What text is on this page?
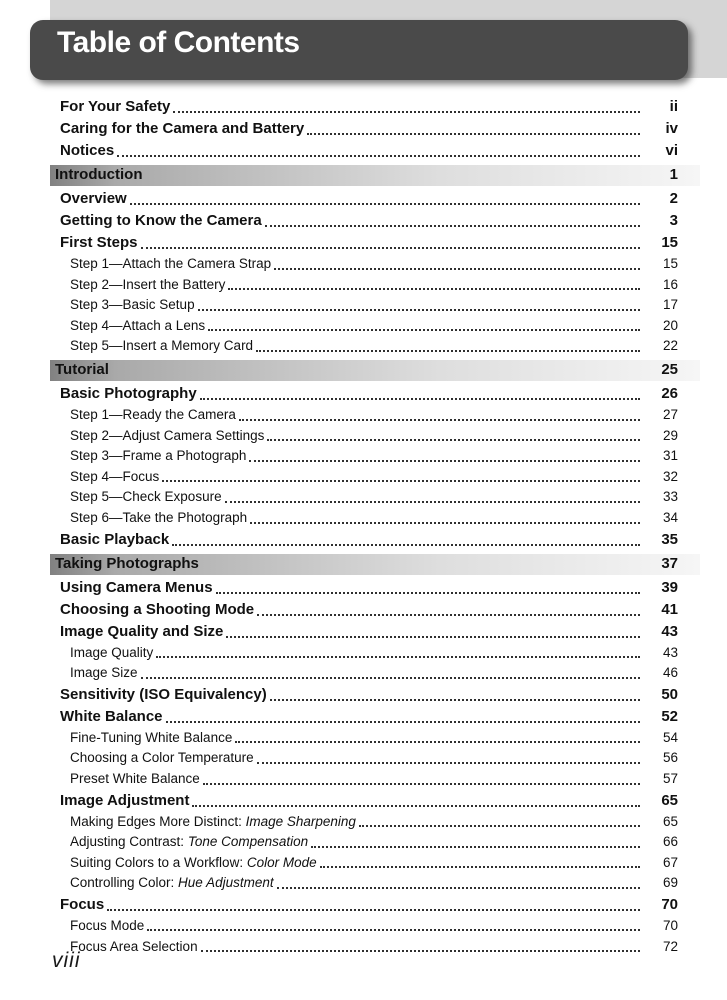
Table of Contents
For Your Safety	ii
Caring for the Camera and Battery	iv
Notices	vi
Introduction	1
Overview	2
Getting to Know the Camera	3
First Steps	15
Step 1—Attach the Camera Strap	15
Step 2—Insert the Battery	16
Step 3—Basic Setup	17
Step 4—Attach a Lens	20
Step 5—Insert a Memory Card	22
Tutorial	25
Basic Photography	26
Step 1—Ready the Camera	27
Step 2—Adjust Camera Settings	29
Step 3—Frame a Photograph	31
Step 4—Focus	32
Step 5—Check Exposure	33
Step 6—Take the Photograph	34
Basic Playback	35
Taking Photographs	37
Using Camera Menus	39
Choosing a Shooting Mode	41
Image Quality and Size	43
Image Quality	43
Image Size	46
Sensitivity (ISO Equivalency)	50
White Balance	52
Fine-Tuning White Balance	54
Choosing a Color Temperature	56
Preset White Balance	57
Image Adjustment	65
Making Edges More Distinct: Image Sharpening	65
Adjusting Contrast: Tone Compensation	66
Suiting Colors to a Workflow: Color Mode	67
Controlling Color: Hue Adjustment	69
Focus	70
Focus Mode	70
Focus Area Selection	72
viii
